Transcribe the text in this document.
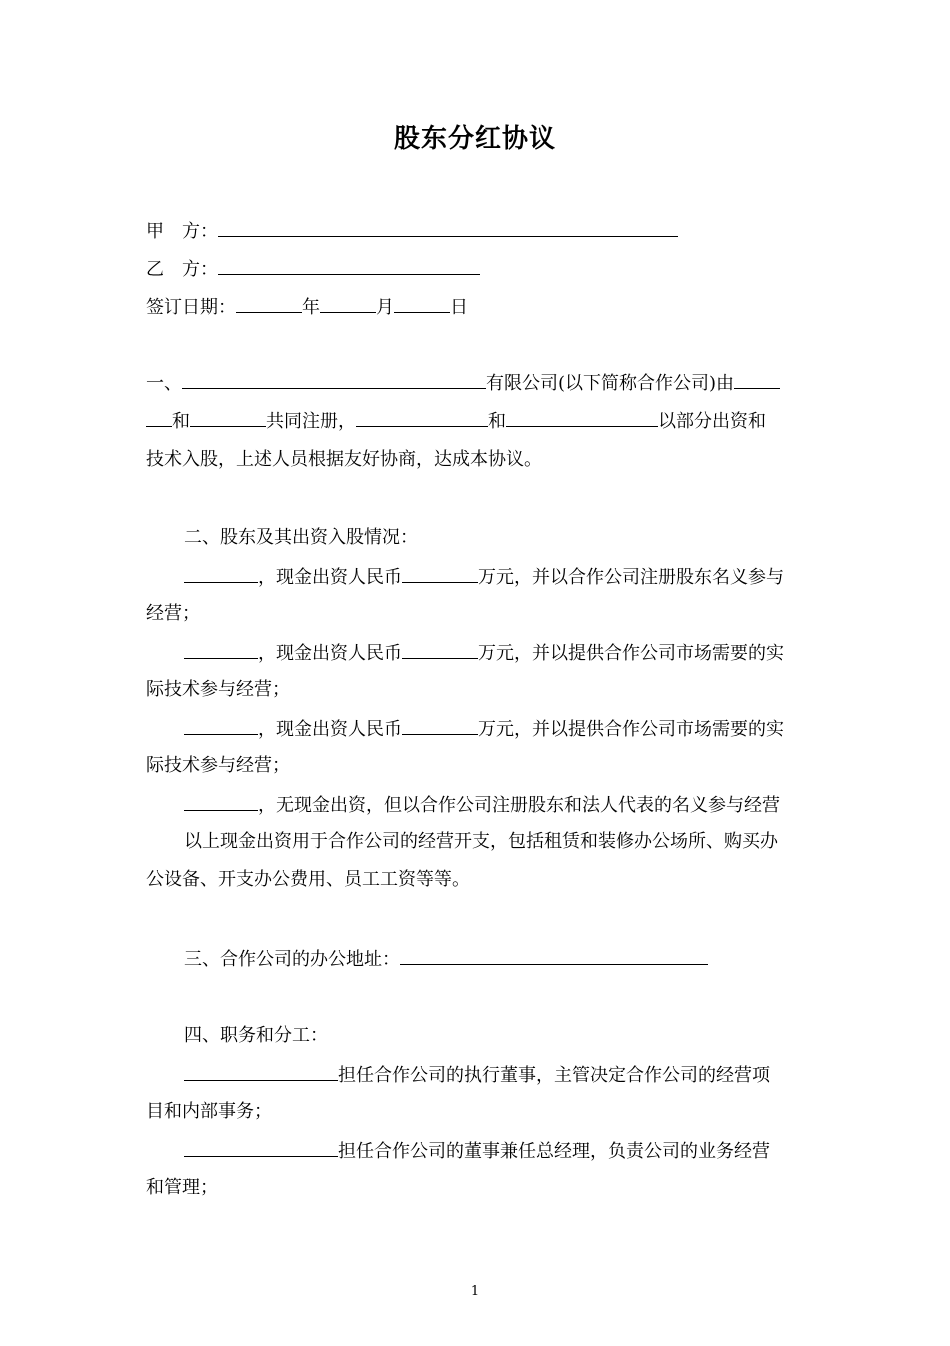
股东分红协议
甲　方：
乙　方：
签订日期：	年	月	日
一、	有限公司(以下简称合作公司)由
和	共同注册，	和	以部分出资和
技术入股，上述人员根据友好协商，达成本协议。
二、股东及其出资入股情况：
，现金出资人民币	万元，并以合作公司注册股东名义参与
经营；
，现金出资人民币	万元，并以提供合作公司市场需要的实
际技术参与经营；
，现金出资人民币	万元，并以提供合作公司市场需要的实
际技术参与经营；
，无现金出资，但以合作公司注册股东和法人代表的名义参与经营
以上现金出资用于合作公司的经营开支，包括租赁和装修办公场所、购买办
公设备、开支办公费用、员工工资等等。
三、合作公司的办公地址：
四、职务和分工：
担任合作公司的执行董事，主管决定合作公司的经营项
目和内部事务；
担任合作公司的董事兼任总经理，负责公司的业务经营
和管理；
1
